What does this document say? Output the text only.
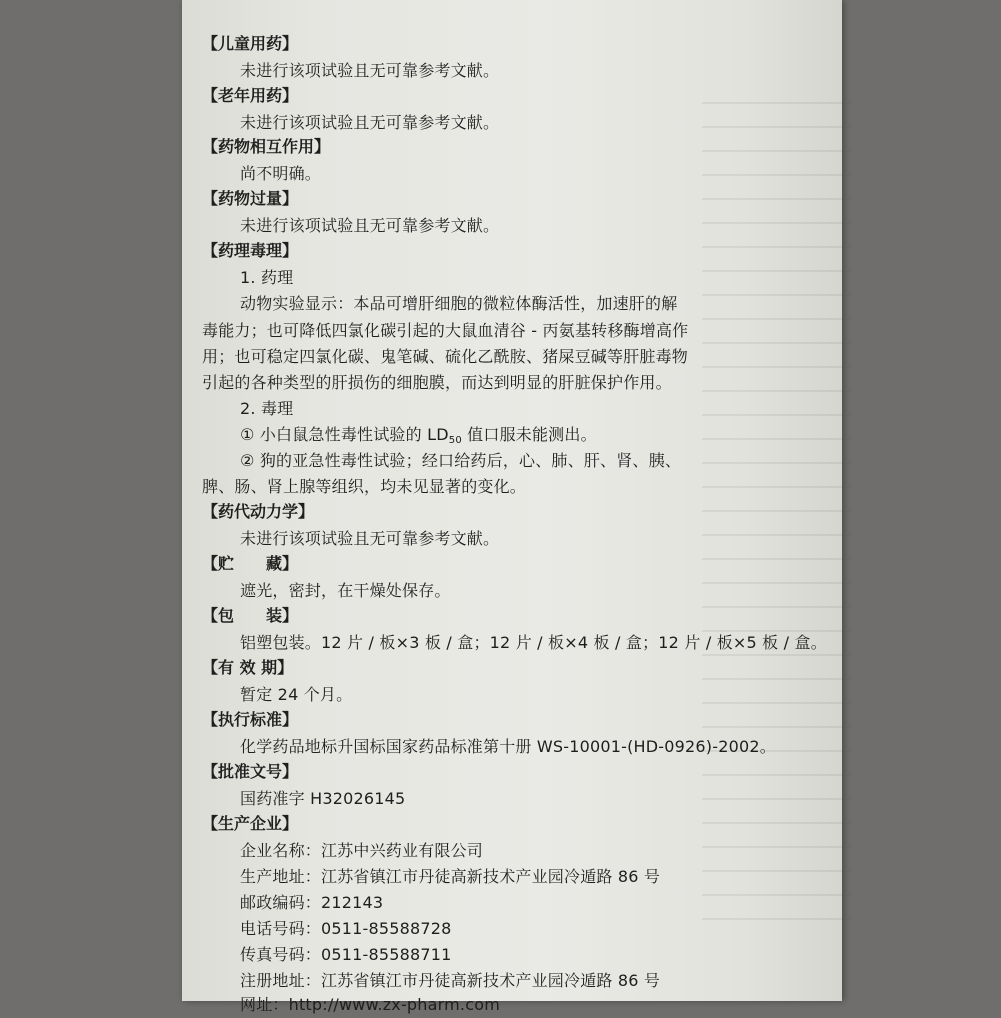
【儿童用药】
未进行该项试验且无可靠参考文献。
【老年用药】
未进行该项试验且无可靠参考文献。
【药物相互作用】
尚不明确。
【药物过量】
未进行该项试验且无可靠参考文献。
【药理毒理】
1. 药理
动物实验显示：本品可增肝细胞的微粒体酶活性，加速肝的解
毒能力；也可降低四氯化碳引起的大鼠血清谷 - 丙氨基转移酶增高作
用；也可稳定四氯化碳、鬼笔碱、硫化乙酰胺、猪屎豆碱等肝脏毒物
引起的各种类型的肝损伤的细胞膜，而达到明显的肝脏保护作用。
2. 毒理
① 小白鼠急性毒性试验的 $LD_{50}$ 值口服未能测出。
② 狗的亚急性毒性试验；经口给药后，心、肺、肝、肾、胰、
脾、肠、肾上腺等组织，均未见显著的变化。
【药代动力学】
未进行该项试验且无可靠参考文献。
【贮　　藏】
遮光，密封，在干燥处保存。
【包　　装】
铝塑包装。12 片 / 板×3 板 / 盒；12 片 / 板×4 板 / 盒；12 片 / 板×5 板 / 盒。
【有 效 期】
暂定 24 个月。
【执行标准】
化学药品地标升国标国家药品标准第十册 WS-10001-(HD-0926)-2002。
【批准文号】
国药准字 H32026145
【生产企业】
企业名称：江苏中兴药业有限公司
生产地址：江苏省镇江市丹徒高新技术产业园冷遁路 86 号
邮政编码：212143
电话号码：0511-85588728
传真号码：0511-85588711
注册地址：江苏省镇江市丹徒高新技术产业园冷遁路 86 号
网址：http://www.zx-pharm.com
